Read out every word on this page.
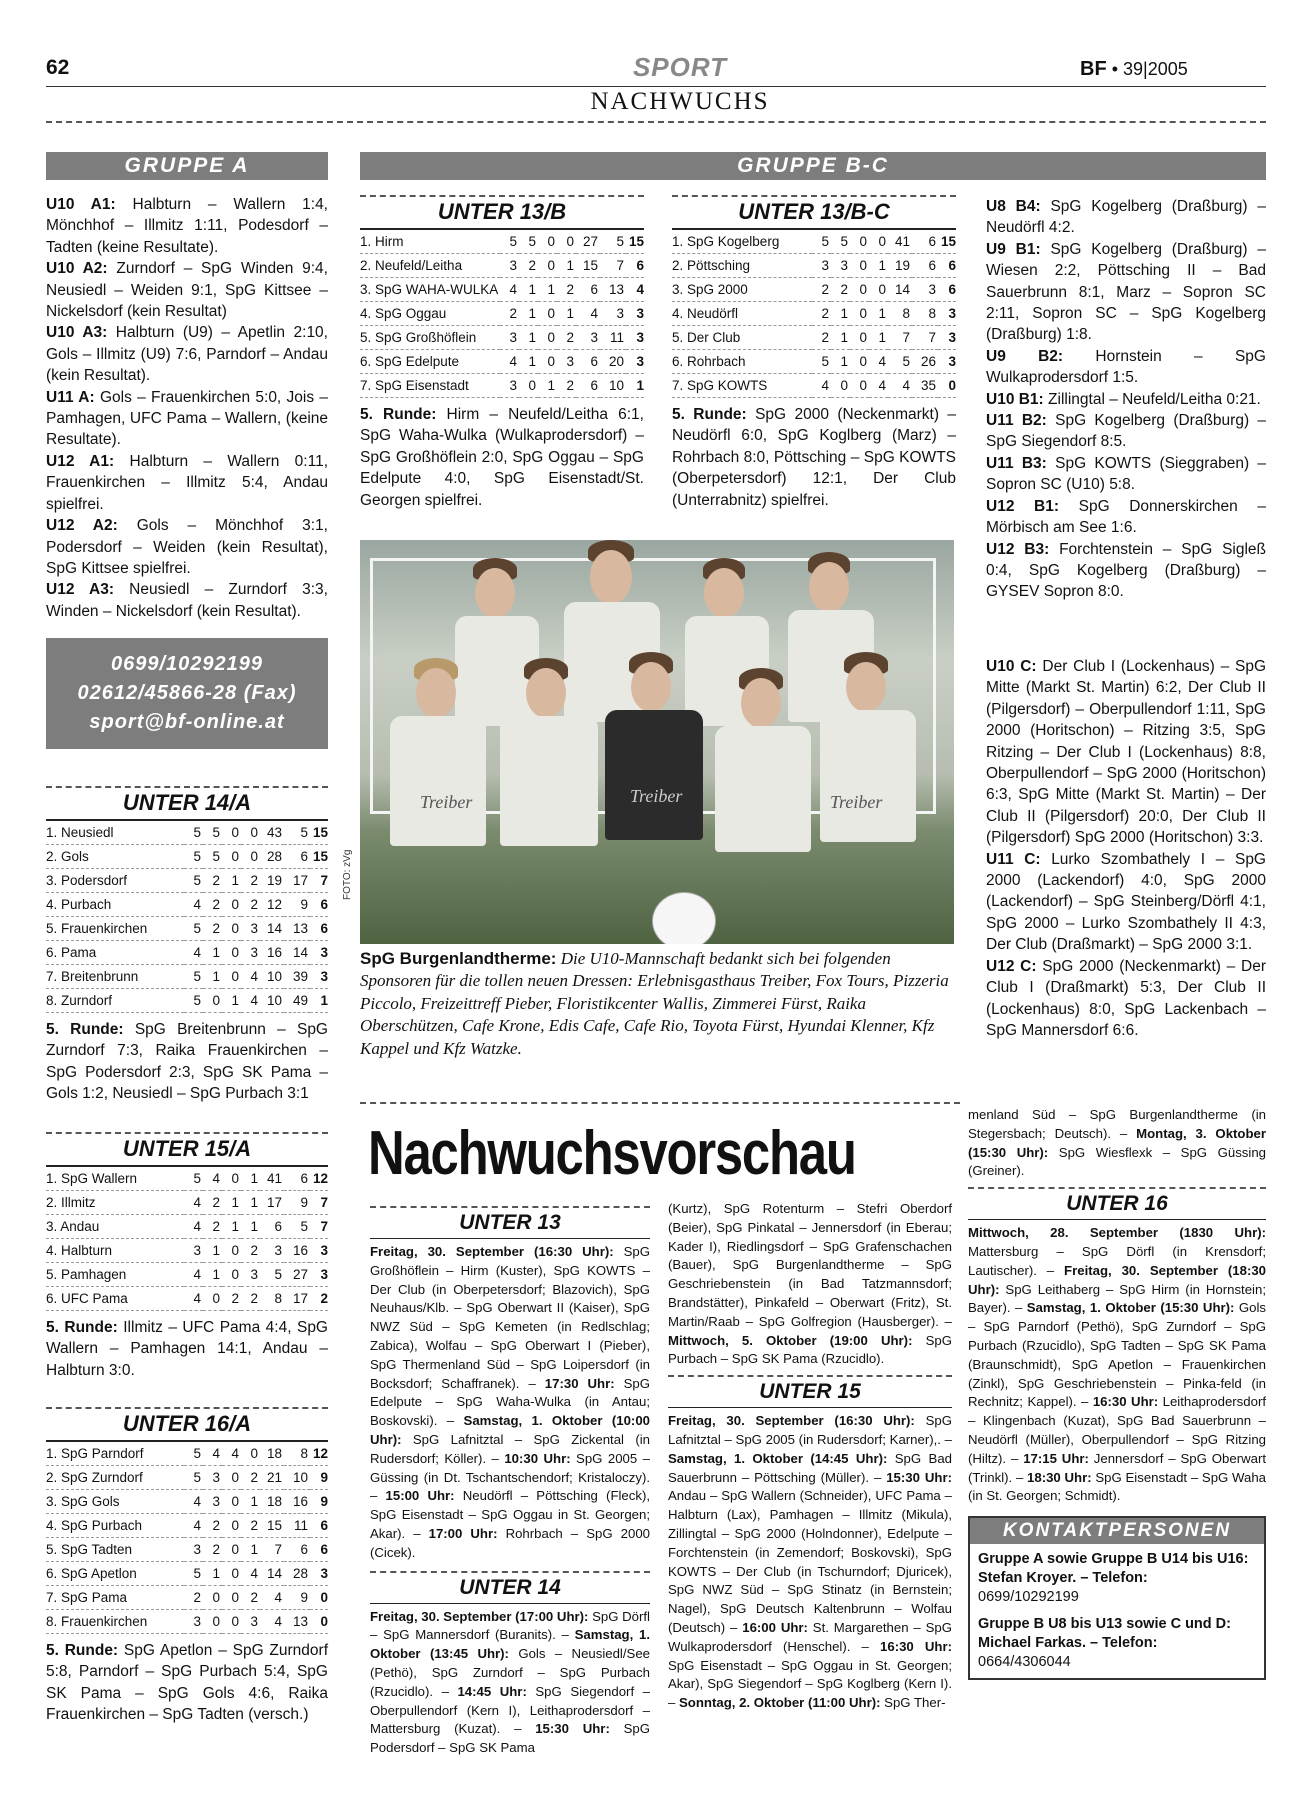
62	SPORT	BF • 39|2005
NACHWUCHS
GRUPPE A

U10 A1: Halbturn – Wallern 1:4, Mönchhof – Illmitz 1:11, Podesdorf – Tadten (keine Resultate).

U10 A2: Zurndorf – SpG Winden 9:4, Neusiedl – Weiden 9:1, SpG Kittsee – Nickelsdorf (kein Resultat)

U10 A3: Halbturn (U9) – Apetlin 2:10, Gols – Illmitz (U9) 7:6, Parndorf – Andau (kein Resultat).

U11 A: Gols – Frauenkirchen 5:0, Jois – Pamhagen, UFC Pama – Wallern, (keine Resultate).

U12 A1: Halbturn – Wallern 0:11, Frauenkirchen – Illmitz 5:4, Andau spielfrei.

U12 A2: Gols – Mönchhof 3:1, Podersdorf – Weiden (kein Resultat), SpG Kittsee spielfrei.

U12 A3: Neusiedl – Zurndorf 3:3, Winden – Nickelsdorf (kein Resultat).

0699/10292199
02612/45866-28 (Fax)
sport@bf-online.at
UNTER 14/A
1. Neusiedl	5	5	0	0	43	5	15
2. Gols	5	5	0	0	28	6	15
3. Podersdorf	5	2	1	2	19	17	7
4. Purbach	4	2	0	2	12	9	6
5. Frauenkirchen	5	2	0	3	14	13	6
6. Pama	4	1	0	3	16	14	3
7. Breitenbrunn	5	1	0	4	10	39	3
8. Zurndorf	5	0	1	4	10	49	1
5. Runde: SpG Breitenbrunn – SpG Zurndorf 7:3, Raika Frauenkirchen – SpG Podersdorf 2:3, SpG SK Pama – Gols 1:2, Neusiedl – SpG Purbach 3:1
UNTER 15/A
1. SpG Wallern	5	4	0	1	41	6	12
2. Illmitz	4	2	1	1	17	9	7
3. Andau	4	2	1	1	6	5	7
4. Halbturn	3	1	0	2	3	16	3
5. Pamhagen	4	1	0	3	5	27	3
6. UFC Pama	4	0	2	2	8	17	2
5. Runde: Illmitz – UFC Pama 4:4, SpG Wallern – Pamhagen 14:1, Andau – Halbturn 3:0.
UNTER 16/A
1. SpG Parndorf	5	4	4	0	18	8	12
2. SpG Zurndorf	5	3	0	2	21	10	9
3. SpG Gols	4	3	0	1	18	16	9
4. SpG Purbach	4	2	0	2	15	11	6
5. SpG Tadten	3	2	0	1	7	6	6
6. SpG Apetlon	5	1	0	4	14	28	3
7. SpG Pama	2	0	0	2	4	9	0
8. Frauenkirchen	3	0	0	3	4	13	0
5. Runde: SpG Apetlon – SpG Zurndorf 5:8, Parndorf – SpG Purbach 5:4, SpG SK Pama – SpG Gols 4:6, Raika Frauenkirchen – SpG Tadten (versch.)
GRUPPE B-C
UNTER 13/B
1. Hirm	5	5	0	0	27	5	15
2. Neufeld/Leitha	3	2	0	1	15	7	6
3. SpG WAHA-WULKA	4	1	1	2	6	13	4
4. SpG Oggau	2	1	0	1	4	3	3
5. SpG Großhöflein	3	1	0	2	3	11	3
6. SpG Edelpute	4	1	0	3	6	20	3
7. SpG Eisenstadt	3	0	1	2	6	10	1
5. Runde: Hirm – Neufeld/Leitha 6:1, SpG Waha-Wulka (Wulkaprodersdorf) – SpG Großhöflein 2:0, SpG Oggau – SpG Edelpute 4:0, SpG Eisenstadt/St. Georgen spielfrei.
UNTER 13/B-C
1. SpG Kogelberg	5	5	0	0	41	6	15
2. Pöttsching	3	3	0	1	19	6	6
3. SpG 2000	2	2	0	0	14	3	6
4. Neudörfl	2	1	0	1	8	8	3
5. Der Club	2	1	0	1	7	7	3
6. Rohrbach	5	1	0	4	5	26	3
7. SpG KOWTS	4	0	0	4	4	35	0
5. Runde: SpG 2000 (Neckenmarkt) – Neudörfl 6:0, SpG Koglberg (Marz) – Rohrbach 8:0, Pöttsching – SpG KOWTS (Oberpetersdorf) 12:1, Der Club (Unterrabnitz) spielfrei.

U8 B4: SpG Kogelberg (Draßburg) – Neudörfl 4:2.

U9 B1: SpG Kogelberg (Draßburg) – Wiesen 2:2, Pöttsching II – Bad Sauerbrunn 8:1, Marz – Sopron SC 2:11, Sopron SC – SpG Kogelberg (Draßburg) 1:8.

U9 B2: Hornstein – SpG Wulkaprodersdorf 1:5.

U10 B1: Zillingtal – Neufeld/Leitha 0:21.

U11 B2: SpG Kogelberg (Draßburg) – SpG Siegendorf 8:5.

U11 B3: SpG KOWTS (Sieggraben) – Sopron SC (U10) 5:8.

U12 B1: SpG Donnerskirchen – Mörbisch am See 1:6.

U12 B3: Forchtenstein – SpG Sigleß 0:4, SpG Kogelberg (Draßburg) – GYSEV Sopron 8:0.

U10 C: Der Club I (Lockenhaus) – SpG Mitte (Markt St. Martin) 6:2, Der Club II (Pilgersdorf) – Oberpullendorf 1:11, SpG 2000 (Horitschon) – Ritzing 3:5, SpG Ritzing – Der Club I (Lockenhaus) 8:8, Oberpullendorf – SpG 2000 (Horitschon) 6:3, SpG Mitte (Markt St. Martin) – Der Club II (Pilgersdorf) 20:0, Der Club II (Pilgersdorf) SpG 2000 (Horitschon) 3:3.

U11 C: Lurko Szombathely I – SpG 2000 (Lackendorf) 4:0, SpG 2000 (Lackendorf) – SpG Steinberg/Dörfl 4:1, SpG 2000 – Lurko Szombathely II 4:3, Der Club (Draßmarkt) – SpG 2000 3:1.

U12 C: SpG 2000 (Neckenmarkt) – Der Club I (Draßmarkt) 5:3, Der Club II (Lockenhaus) 8:0, SpG Lackenbach – SpG Mannersdorf 6:6.

Treiber	Treiber	Treiber
FOTO: zVg
SpG Burgenlandtherme: Die U10-Mannschaft bedankt sich bei folgenden Sponsoren für die tollen neuen Dressen: Erlebnisgasthaus Treiber, Fox Tours, Pizzeria Piccolo, Freizeittreff Pieber, Floristikcenter Wallis, Zimmerei Fürst, Raika Oberschützen, Cafe Krone, Edis Cafe, Cafe Rio, Toyota Fürst, Hyundai Klenner, Kfz Kappel und Kfz Watzke.
Nachwuchsvorschau
UNTER 13
Freitag, 30. September (16:30 Uhr): SpG Großhöflein – Hirm (Kuster), SpG KOWTS – Der Club (in Oberpetersdorf; Blazovich), SpG Neuhaus/Klb. – SpG Oberwart II (Kaiser), SpG NWZ Süd – SpG Kemeten (in Redlschlag; Zabica), Wolfau – SpG Oberwart I (Pieber), SpG Thermenland Süd – SpG Loipersdorf (in Bocksdorf; Schaffranek). – 17:30 Uhr: SpG Edelpute – SpG Waha-Wulka (in Antau; Boskovski). – Samstag, 1. Oktober (10:00 Uhr): SpG Lafnitztal – SpG Zickental (in Rudersdorf; Köller). – 10:30 Uhr: SpG 2005 – Güssing (in Dt. Tschantschendorf; Kristaloczy). – 15:00 Uhr: Neudörfl – Pöttsching (Fleck), SpG Eisenstadt – SpG Oggau in St. Georgen; Akar). – 17:00 Uhr: Rohrbach – SpG 2000 (Cicek).
UNTER 14
Freitag, 30. September (17:00 Uhr): SpG Dörfl – SpG Mannersdorf (Buranits). – Samstag, 1. Oktober (13:45 Uhr): Gols – Neusiedl/See (Pethö), SpG Zurndorf – SpG Purbach (Rzucidlo). – 14:45 Uhr: SpG Siegendorf – Oberpullendorf (Kern I), Leithaprodersdorf – Mattersburg (Kuzat). – 15:30 Uhr: SpG Podersdorf – SpG SK Pama
(Kurtz), SpG Rotenturm – Stefri Oberdorf (Beier), SpG Pinkatal – Jennersdorf (in Eberau; Kader I), Riedlingsdorf – SpG Grafenschachen (Bauer), SpG Burgenlandtherme – SpG Geschriebenstein (in Bad Tatzmannsdorf; Brandstätter), Pinkafeld – Oberwart (Fritz), St. Martin/Raab – SpG Golfregion (Hausberger). – Mittwoch, 5. Oktober (19:00 Uhr): SpG Purbach – SpG SK Pama (Rzucidlo).
UNTER 15
Freitag, 30. September (16:30 Uhr): SpG Lafnitztal – SpG 2005 (in Rudersdorf; Karner),. – Samstag, 1. Oktober (14:45 Uhr): SpG Bad Sauerbrunn – Pöttsching (Müller). – 15:30 Uhr: Andau – SpG Wallern (Schneider), UFC Pama – Halbturn (Lax), Pamhagen – Illmitz (Mikula), Zillingtal – SpG 2000 (Holndonner), Edelpute – Forchtenstein (in Zemendorf; Boskovski), SpG KOWTS – Der Club (in Tschurndorf; Djuricek), SpG NWZ Süd – SpG Stinatz (in Bernstein; Nagel), SpG Deutsch Kaltenbrunn – Wolfau (Deutsch) – 16:00 Uhr: St. Margarethen – SpG Wulkaprodersdorf (Henschel). – 16:30 Uhr: SpG Eisenstadt – SpG Oggau in St. Georgen; Akar), SpG Siegendorf – SpG Koglberg (Kern I). – Sonntag, 2. Oktober (11:00 Uhr): SpG Ther-
menland Süd – SpG Burgenlandtherme (in Stegersbach; Deutsch). – Montag, 3. Oktober (15:30 Uhr): SpG Wiesflexk – SpG Güssing (Greiner).
UNTER 16
Mittwoch, 28. September (1830 Uhr): Mattersburg – SpG Dörfl (in Krensdorf; Lautischer). – Freitag, 30. September (18:30 Uhr): SpG Leithaberg – SpG Hirm (in Hornstein; Bayer). – Samstag, 1. Oktober (15:30 Uhr): Gols – SpG Parndorf (Pethö), SpG Zurndorf – SpG Purbach (Rzucidlo), SpG Tadten – SpG SK Pama (Braunschmidt), SpG Apetlon – Frauenkirchen (Zinkl), SpG Geschriebenstein – Pinka-feld (in Rechnitz; Kappel). – 16:30 Uhr: Leithaprodersdorf – Klingenbach (Kuzat), SpG Bad Sauerbrunn – Neudörfl (Müller), Oberpullendorf – SpG Ritzing (Hiltz). – 17:15 Uhr: Jennersdorf – SpG Oberwart (Trinkl). – 18:30 Uhr: SpG Eisenstadt – SpG Waha (in St. Georgen; Schmidt).
KONTAKTPERSONEN
Gruppe A sowie Gruppe B U14 bis U16: Stefan Kroyer. – Telefon:
0699/10292199
Gruppe B U8 bis U13 sowie C und D: Michael Farkas. – Telefon:
0664/4306044
